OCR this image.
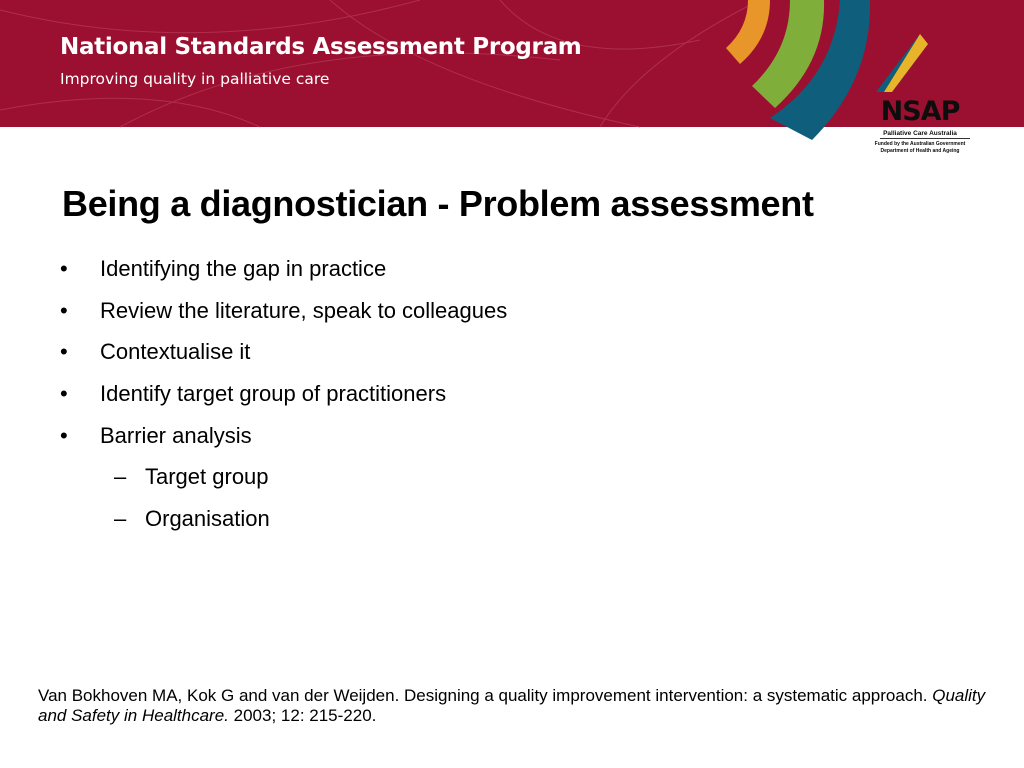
National Standards Assessment Program
Improving quality in palliative care
NSAP
Palliative Care Australia
Funded by the Australian Government
Department of Health and Ageing
Being a diagnostician - Problem assessment
• Identifying the gap in practice
• Review the literature, speak to colleagues
• Contextualise it
• Identify target group of practitioners
• Barrier analysis
– Target group
– Organisation
Van Bokhoven MA, Kok G and van der Weijden. Designing a quality improvement intervention: a systematic approach. Quality and Safety in Healthcare. 2003; 12: 215-220.
